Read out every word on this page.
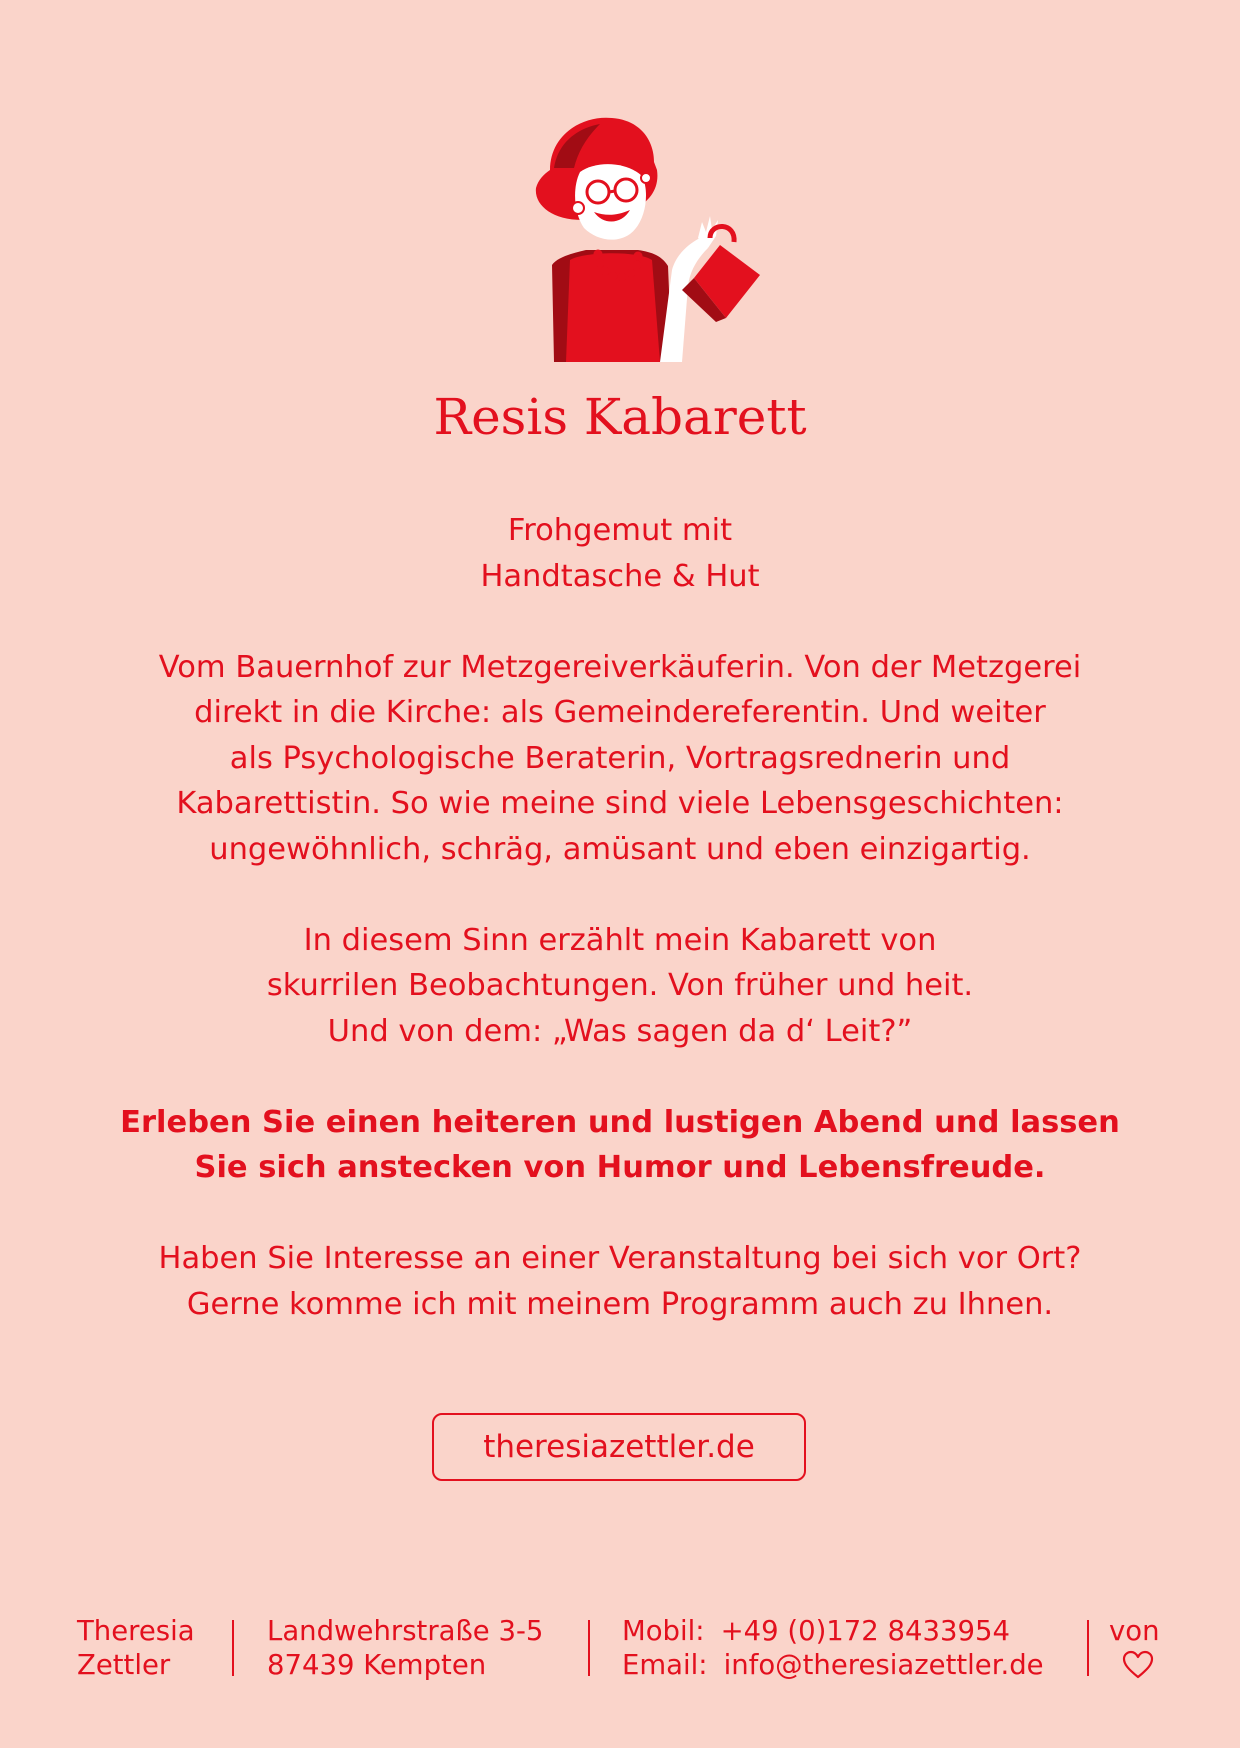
Resis Kabarett

Frohgemut mit

Handtasche & Hut

Vom Bauernhof zur Metzgereiverkäuferin. Von der Metzgerei

direkt in die Kirche: als Gemeindereferentin. Und weiter

als Psychologische Beraterin, Vortragsrednerin und

Kabarettistin. So wie meine sind viele Lebensgeschichten:

ungewöhnlich, schräg, amüsant und eben einzigartig.

In diesem Sinn erzählt mein Kabarett von

skurrilen Beobachtungen. Von früher und heit.

Und von dem: „Was sagen da d‘ Leit?”

Erleben Sie einen heiteren und lustigen Abend und lassen

Sie sich anstecken von Humor und Lebensfreude.

Haben Sie Interesse an einer Veranstaltung bei sich vor Ort?

Gerne komme ich mit meinem Programm auch zu Ihnen.

theresiazettler.de
Theresia
Zettler
Landwehrstraße 3-5
87439 Kempten
Mobil: +49 (0)172 8433954
Email: info@theresiazettler.de
von
